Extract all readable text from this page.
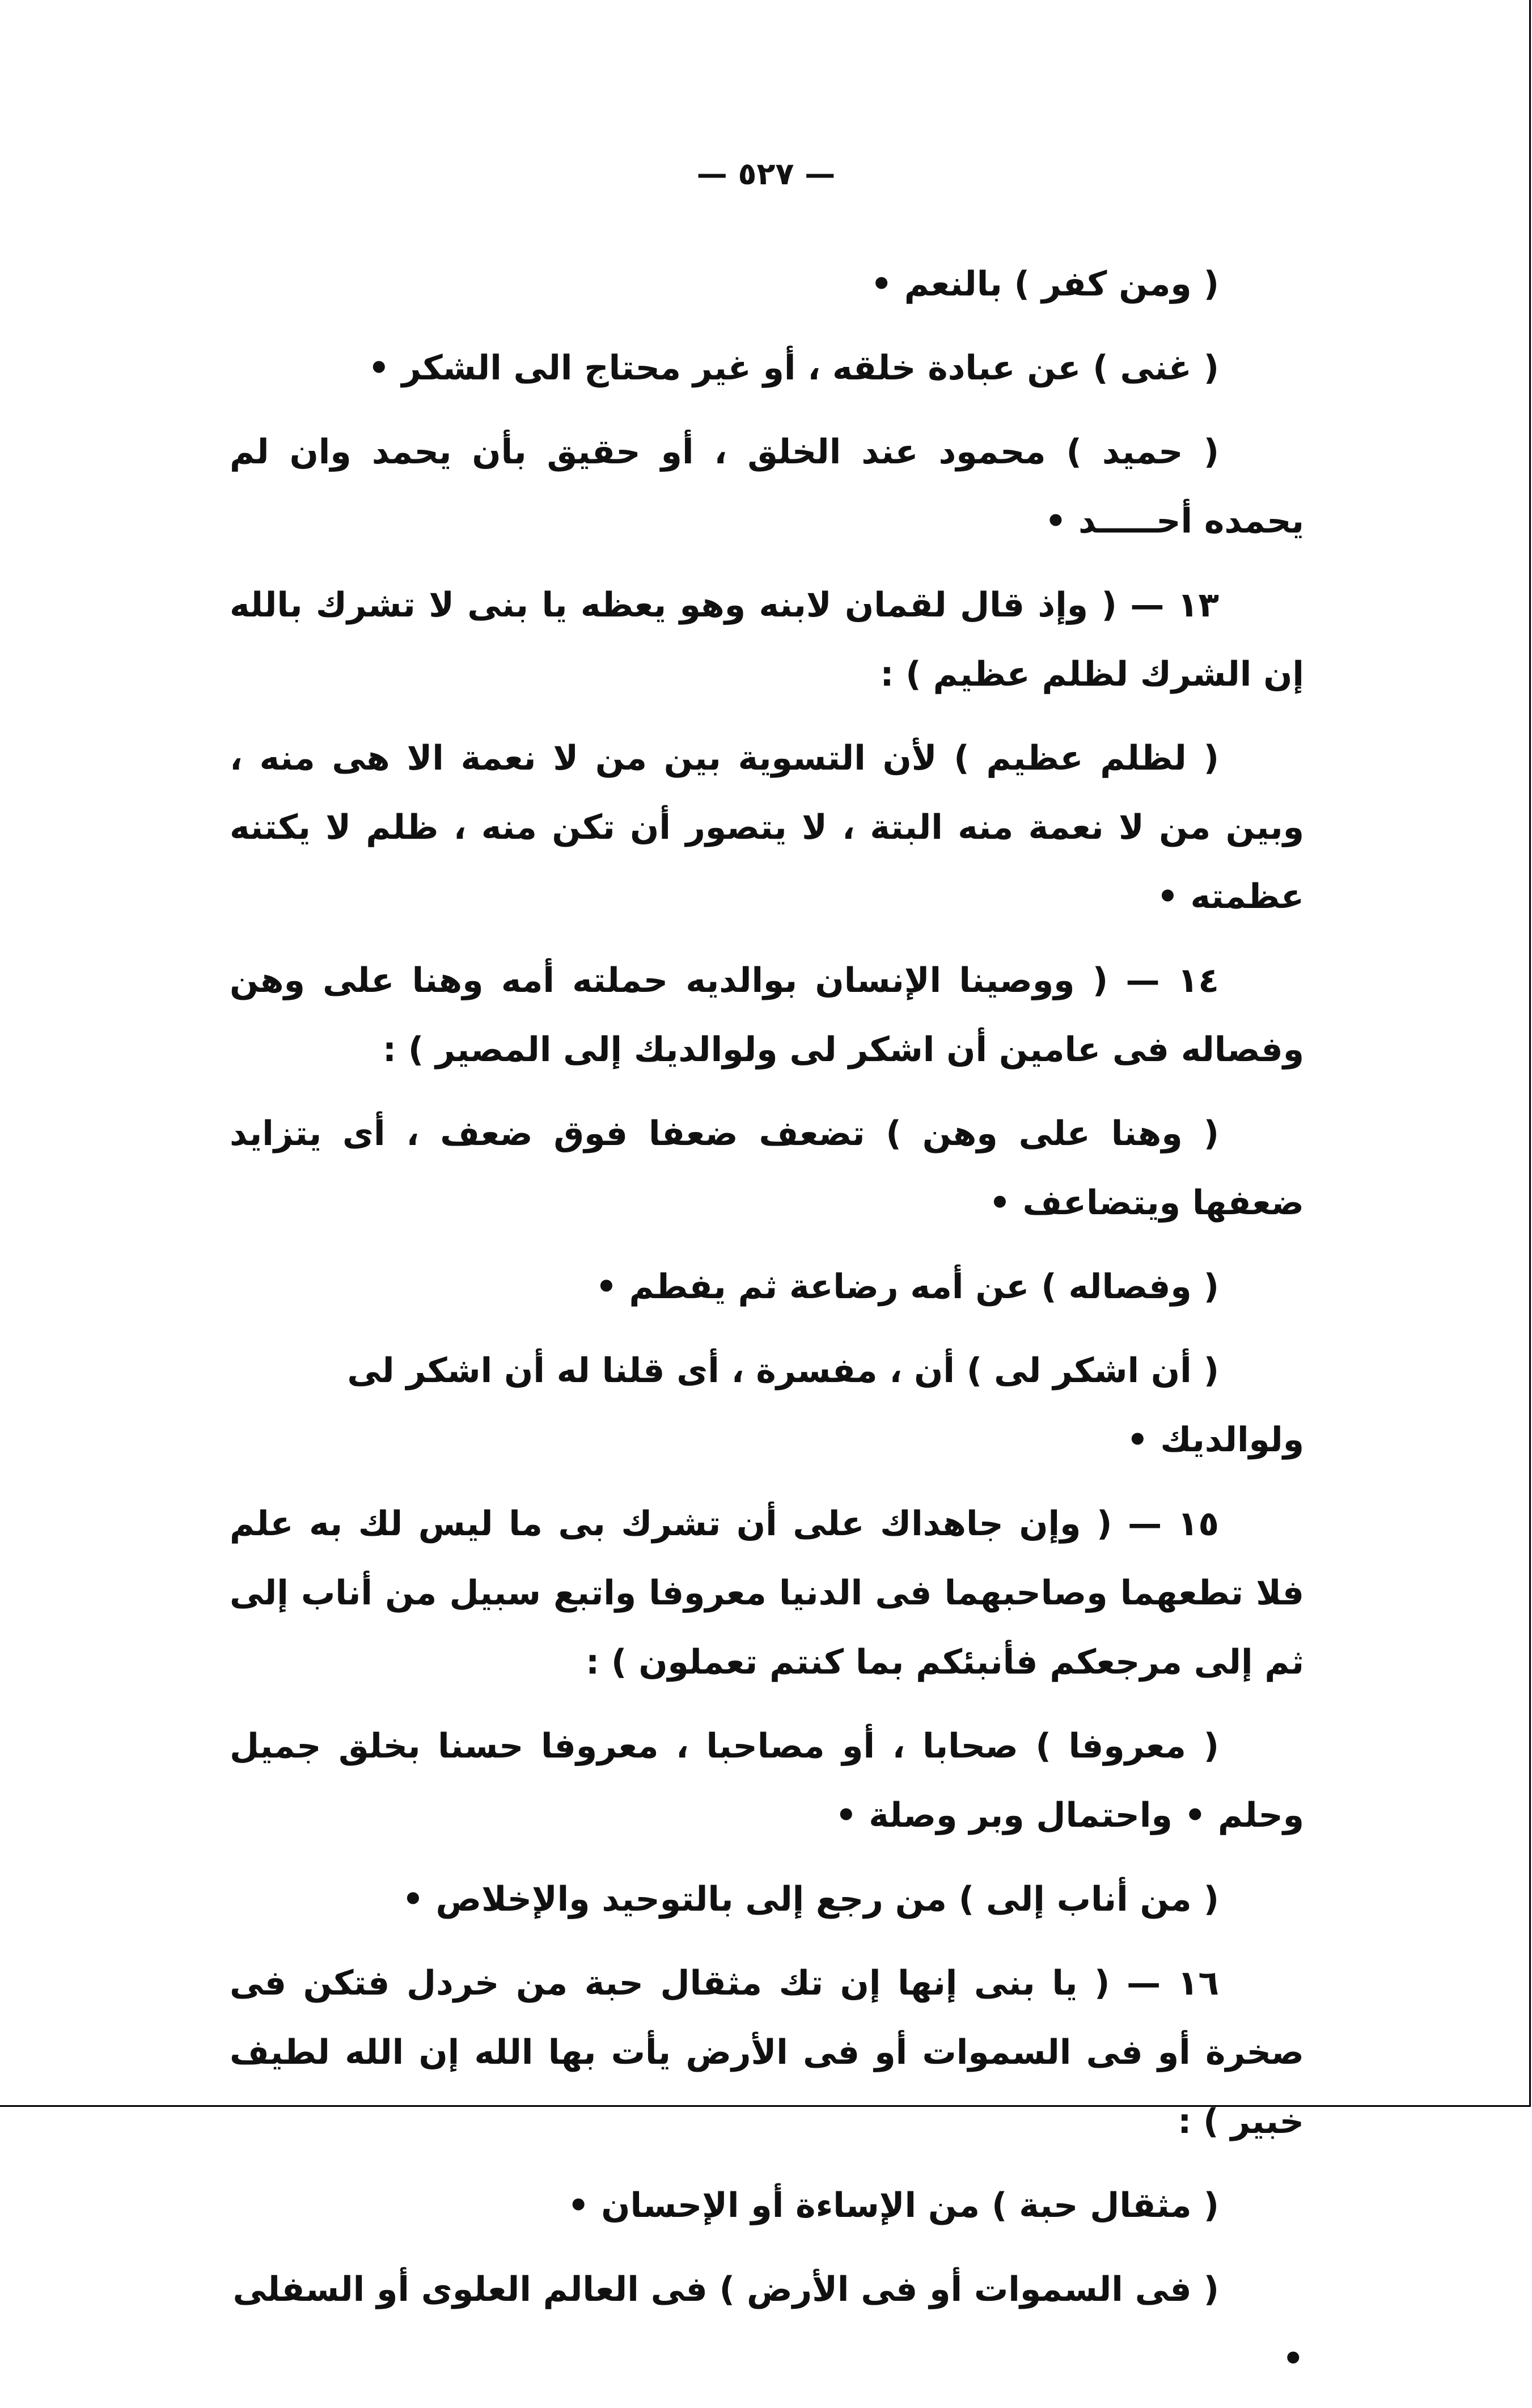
— ٥٢٧ —

( ومن كفر ) بالنعم •

( غنى ) عن عبادة خلقه ، أو غير محتاج الى الشكر •

( حميد ) محمود عند الخلق ، أو حقيق بأن يحمد وان لم يحمده أحـــــد •

١٣ — ( وإذ قال لقمان لابنه وهو يعظه يا بنى لا تشرك بالله إن الشرك لظلم عظيم ) :

( لظلم عظيم ) لأن التسوية بين من لا نعمة الا هى منه ، وبين من لا نعمة منه البتة ، لا يتصور أن تكن منه ، ظلم لا يكتنه عظمته •

١٤ — ( ووصينا الإنسان بوالديه حملته أمه وهنا على وهن وفصاله فى عامين أن اشكر لى ولوالديك إلى المصير ) :

( وهنا على وهن ) تضعف ضعفا فوق ضعف ، أى يتزايد ضعفها ويتضاعف •

( وفصاله ) عن أمه رضاعة ثم يفطم •

( أن اشكر لى ) أن ، مفسرة ، أى قلنا له أن اشكر لى ولوالديك •

١٥ — ( وإن جاهداك على أن تشرك بى ما ليس لك به علم فلا تطعهما وصاحبهما فى الدنيا معروفا واتبع سبيل من أناب إلى ثم إلى مرجعكم فأنبئكم بما كنتم تعملون ) :

( معروفا ) صحابا ، أو مصاحبا ، معروفا حسنا بخلق جميل وحلم • واحتمال وبر وصلة •

( من أناب إلى ) من رجع إلى بالتوحيد والإخلاص •

١٦ — ( يا بنى إنها إن تك مثقال حبة من خردل فتكن فى صخرة أو فى السموات أو فى الأرض يأت بها الله إن الله لطيف خبير ) :

( مثقال حبة ) من الإساءة أو الإحسان •

( فى السموات أو فى الأرض ) فى العالم العلوى أو السفلى •
